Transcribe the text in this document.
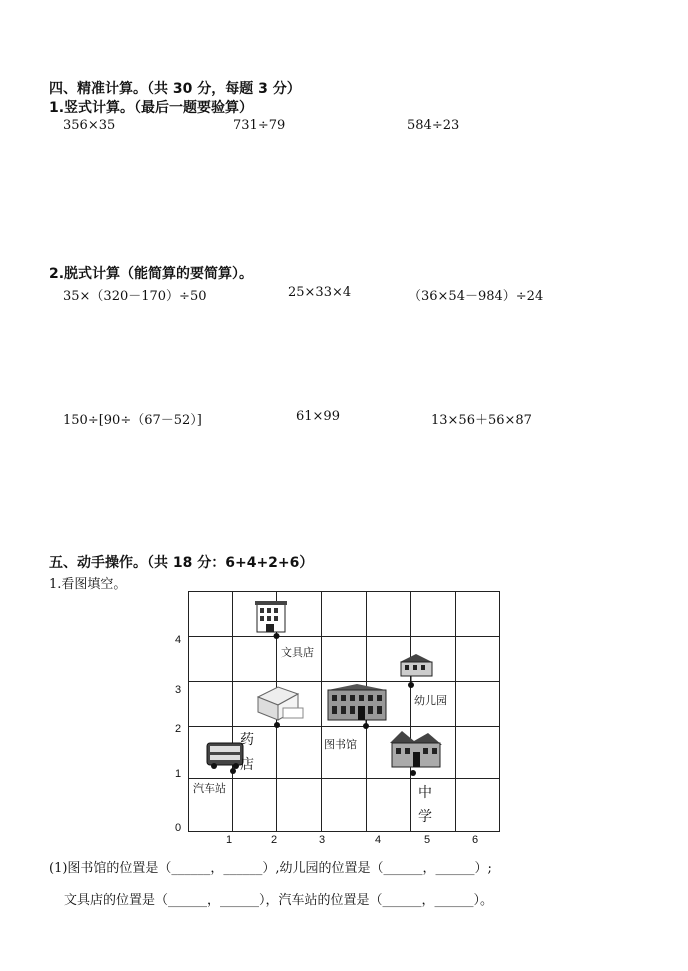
四、精准计算。（共 30 分，每题 3 分）
1.竖式计算。（最后一题要验算）
356×35	731÷79	584÷23
2.脱式计算（能简算的要简算）。
35×（320－170）÷50	25×33×4	（36×54－984）÷24
150÷[90÷（67－52）]	61×99	13×56＋56×87
五、动手操作。（共 18 分：6+4+2+6）
1.看图填空。
1	2	3	4	5	6
0
1
2
3
4
文具店
幼儿园
图书馆
药
店
汽车站	中
学
(1)图书馆的位置是（______，______）,幼儿园的位置是（______，______）;
文具店的位置是（______，______），汽车站的位置是（______，______）。
